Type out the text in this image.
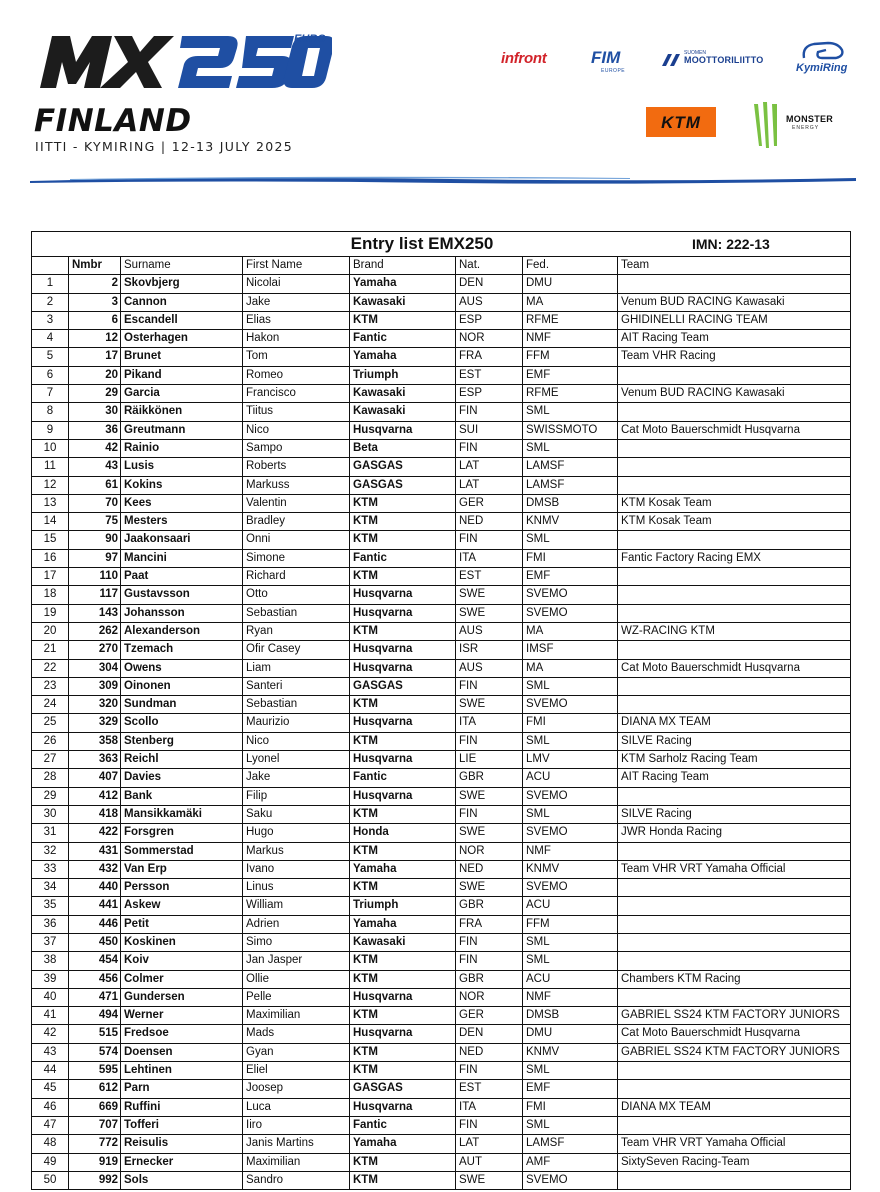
EURO
FINLAND
IITTI - KYMIRING | 12-13 JULY 2025
infront	FIM
EUROPE
SUOMEN
MOOTTORILIITTO
KymiRing
KTM	MONSTER
ENERGY
Entry list EMX250 IMN: 222-13							

	Nmbr	Surname	First Name	Brand	Nat.	Fed.	Team
1	2	Skovbjerg	Nicolai	Yamaha	DEN	DMU	
2	3	Cannon	Jake	Kawasaki	AUS	MA	Venum BUD RACING Kawasaki
3	6	Escandell	Elias	KTM	ESP	RFME	GHIDINELLI RACING TEAM
4	12	Osterhagen	Hakon	Fantic	NOR	NMF	AIT Racing Team
5	17	Brunet	Tom	Yamaha	FRA	FFM	Team VHR Racing
6	20	Pikand	Romeo	Triumph	EST	EMF	
7	29	Garcia	Francisco	Kawasaki	ESP	RFME	Venum BUD RACING Kawasaki
8	30	Räikkönen	Tiitus	Kawasaki	FIN	SML	
9	36	Greutmann	Nico	Husqvarna	SUI	SWISSMOTO	Cat Moto Bauerschmidt Husqvarna
10	42	Rainio	Sampo	Beta	FIN	SML	
11	43	Lusis	Roberts	GASGAS	LAT	LAMSF	
12	61	Kokins	Markuss	GASGAS	LAT	LAMSF	
13	70	Kees	Valentin	KTM	GER	DMSB	KTM Kosak Team
14	75	Mesters	Bradley	KTM	NED	KNMV	KTM Kosak Team
15	90	Jaakonsaari	Onni	KTM	FIN	SML	
16	97	Mancini	Simone	Fantic	ITA	FMI	Fantic Factory Racing EMX
17	110	Paat	Richard	KTM	EST	EMF	
18	117	Gustavsson	Otto	Husqvarna	SWE	SVEMO	
19	143	Johansson	Sebastian	Husqvarna	SWE	SVEMO	
20	262	Alexanderson	Ryan	KTM	AUS	MA	WZ-RACING KTM
21	270	Tzemach	Ofir Casey	Husqvarna	ISR	IMSF	
22	304	Owens	Liam	Husqvarna	AUS	MA	Cat Moto Bauerschmidt Husqvarna
23	309	Oinonen	Santeri	GASGAS	FIN	SML	
24	320	Sundman	Sebastian	KTM	SWE	SVEMO	
25	329	Scollo	Maurizio	Husqvarna	ITA	FMI	DIANA MX TEAM
26	358	Stenberg	Nico	KTM	FIN	SML	SILVE Racing
27	363	Reichl	Lyonel	Husqvarna	LIE	LMV	KTM Sarholz Racing Team
28	407	Davies	Jake	Fantic	GBR	ACU	AIT Racing Team
29	412	Bank	Filip	Husqvarna	SWE	SVEMO	
30	418	Mansikkamäki	Saku	KTM	FIN	SML	SILVE Racing
31	422	Forsgren	Hugo	Honda	SWE	SVEMO	JWR Honda Racing
32	431	Sommerstad	Markus	KTM	NOR	NMF	
33	432	Van Erp	Ivano	Yamaha	NED	KNMV	Team VHR VRT Yamaha Official
34	440	Persson	Linus	KTM	SWE	SVEMO	
35	441	Askew	William	Triumph	GBR	ACU	
36	446	Petit	Adrien	Yamaha	FRA	FFM	
37	450	Koskinen	Simo	Kawasaki	FIN	SML	
38	454	Koiv	Jan Jasper	KTM	FIN	SML	
39	456	Colmer	Ollie	KTM	GBR	ACU	Chambers KTM Racing
40	471	Gundersen	Pelle	Husqvarna	NOR	NMF	
41	494	Werner	Maximilian	KTM	GER	DMSB	GABRIEL SS24 KTM FACTORY JUNIORS
42	515	Fredsoe	Mads	Husqvarna	DEN	DMU	Cat Moto Bauerschmidt Husqvarna
43	574	Doensen	Gyan	KTM	NED	KNMV	GABRIEL SS24 KTM FACTORY JUNIORS
44	595	Lehtinen	Eliel	KTM	FIN	SML	
45	612	Parn	Joosep	GASGAS	EST	EMF	
46	669	Ruffini	Luca	Husqvarna	ITA	FMI	DIANA MX TEAM
47	707	Tofferi	Iiro	Fantic	FIN	SML	
48	772	Reisulis	Janis Martins	Yamaha	LAT	LAMSF	Team VHR VRT Yamaha Official
49	919	Ernecker	Maximilian	KTM	AUT	AMF	SixtySeven Racing-Team
50	992	Sols	Sandro	KTM	SWE	SVEMO	
